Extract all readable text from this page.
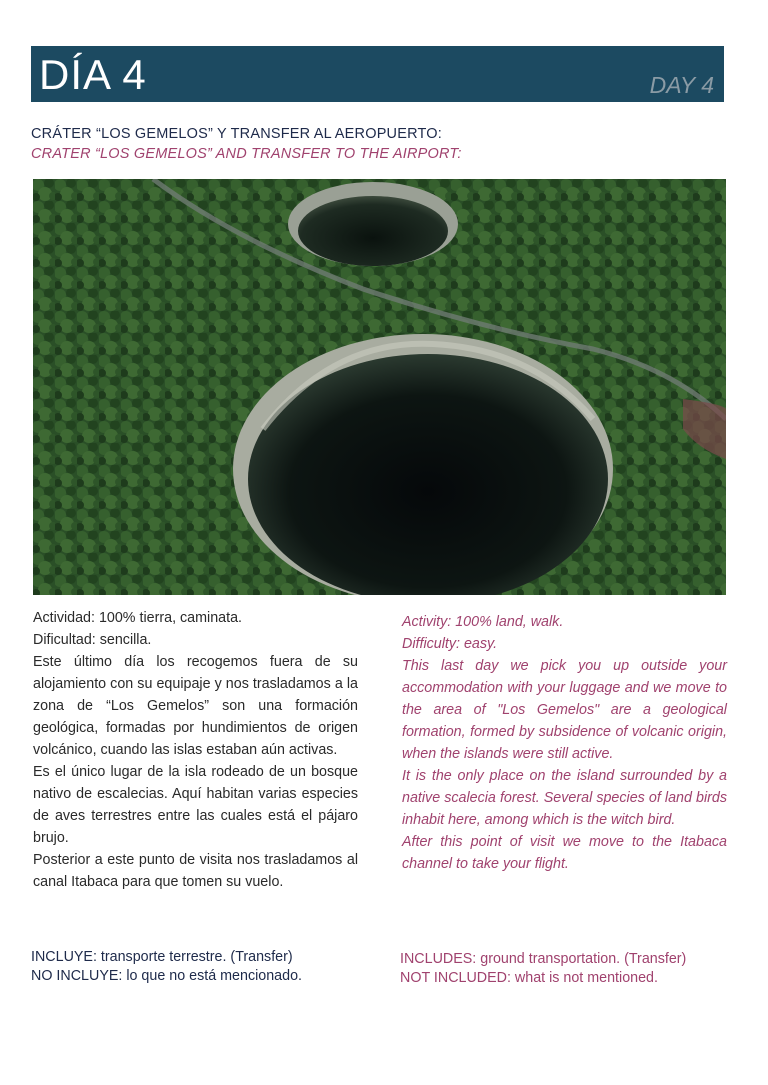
DÍA 4	DAY 4
CRÁTER “LOS GEMELOS” Y TRANSFER AL AEROPUERTO:
CRATER “LOS GEMELOS” AND TRANSFER TO THE AIRPORT:

Actividad: 100% tierra, caminata.

Dificultad: sencilla.

Este último día los recogemos fuera de su alojamiento con su equipaje y nos trasladamos a la zona de “Los Gemelos” son una formación geológica, formadas por hundimientos de origen volcánico, cuando las islas estaban aún activas.

Es el único lugar de la isla rodeado de un bosque nativo de escalecias. Aquí habitan varias especies de aves terrestres entre las cuales está el pájaro brujo.

Posterior a este punto de visita nos trasladamos al canal Itabaca para que tomen su vuelo.

Activity: 100% land, walk.

Difficulty: easy.

This last day we pick you up outside your accommodation with your luggage and we move to the area of "Los Gemelos" are a geological formation, formed by subsidence of volcanic origin, when the islands were still active.

It is the only place on the island surrounded by a native scalecia forest. Several species of land birds inhabit here, among which is the witch bird.

After this point of visit we move to the Itabaca channel to take your flight.

INCLUYE: transporte terrestre. (Transfer)
NO INCLUYE: lo que no está mencionado.
INCLUDES: ground transportation. (Transfer)
NOT INCLUDED: what is not mentioned.
